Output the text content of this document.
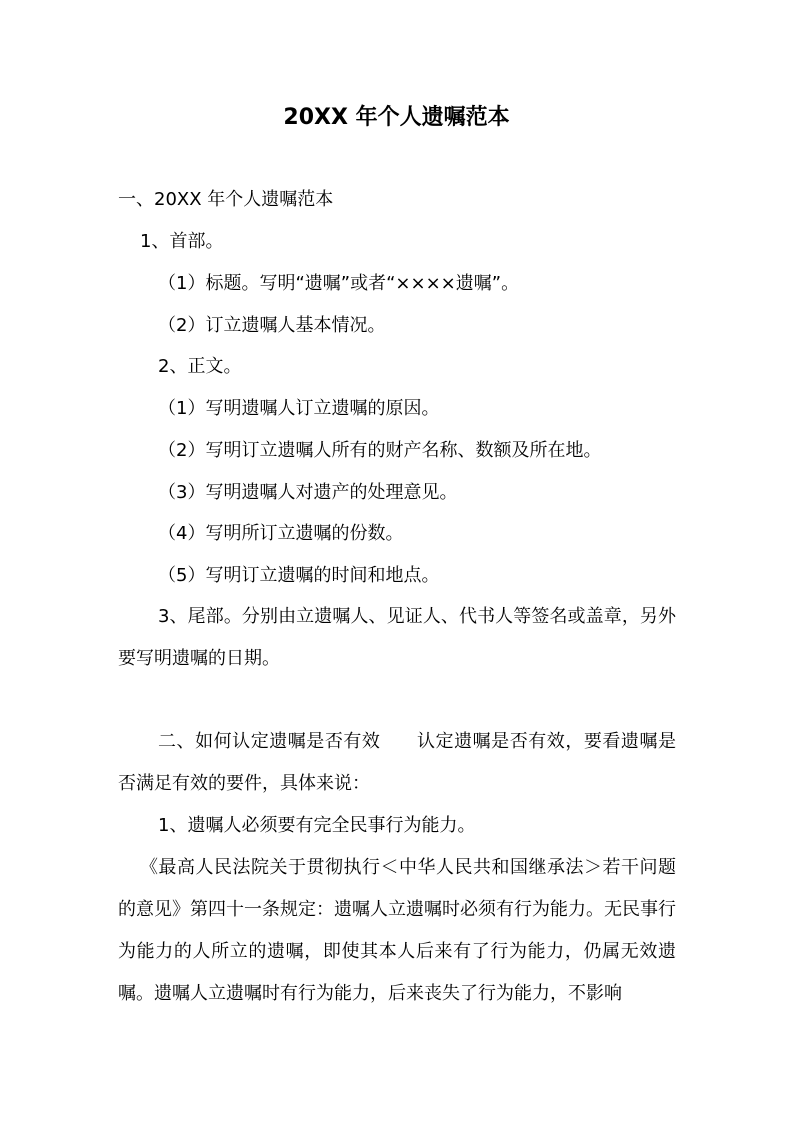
20XX 年个人遗嘱范本

一、20XX 年个人遗嘱范本

1、首部。

（1）标题。写明“遗嘱”或者“××××遗嘱”。

（2）订立遗嘱人基本情况。

2、正文。

（1）写明遗嘱人订立遗嘱的原因。

（2）写明订立遗嘱人所有的财产名称、数额及所在地。

（3）写明遗嘱人对遗产的处理意见。

（4）写明所订立遗嘱的份数。

（5）写明订立遗嘱的时间和地点。

3、尾部。分别由立遗嘱人、见证人、代书人等签名或盖章，另外要写明遗嘱的日期。

二、如何认定遗嘱是否有效 认定遗嘱是否有效，要看遗嘱是否满足有效的要件，具体来说：

1、遗嘱人必须要有完全民事行为能力。

《最高人民法院关于贯彻执行＜中华人民共和国继承法＞若干问题的意见》第四十一条规定：遗嘱人立遗嘱时必须有行为能力。无民事行为能力的人所立的遗嘱，即使其本人后来有了行为能力，仍属无效遗嘱。遗嘱人立遗嘱时有行为能力，后来丧失了行为能力，不影响
